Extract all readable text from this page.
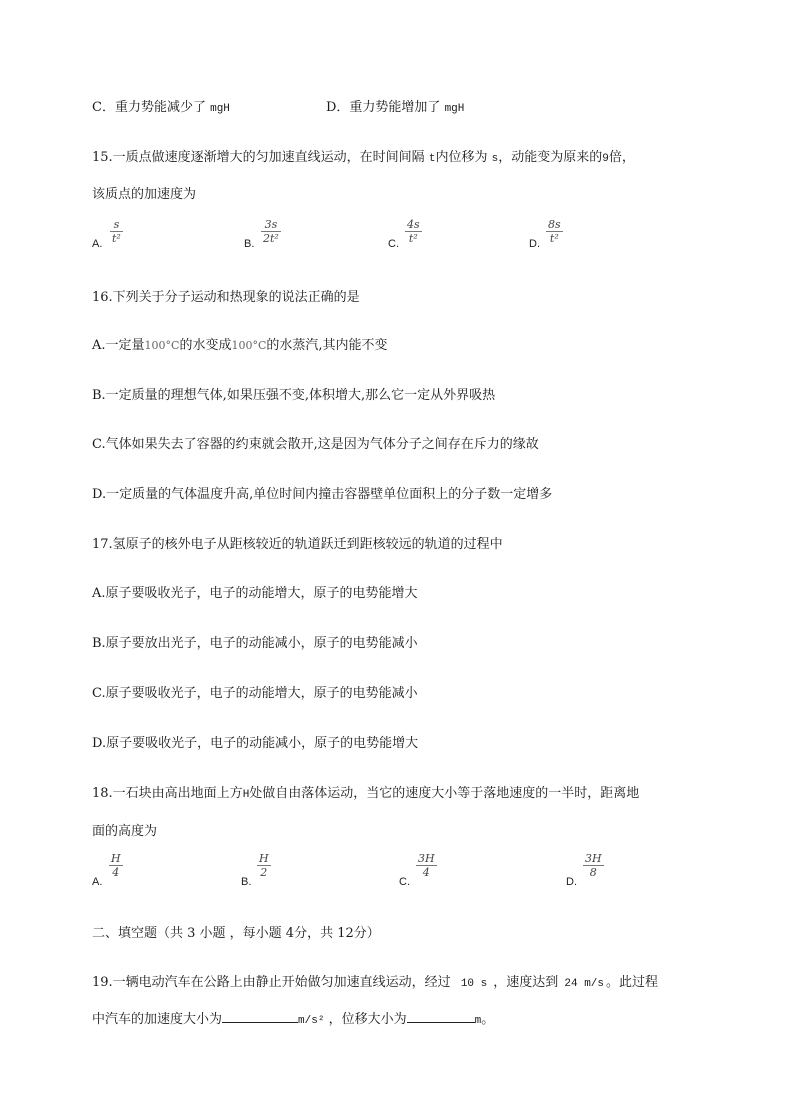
C．重力势能减少了 mgH	D．重力势能增加了 mgH
15.一质点做速度逐渐增大的匀加速直线运动，在时间间隔 t内位移为 s，动能变为原来的9倍，
该质点的加速度为
A. $\frac{s}{\text{t²}}$	B. $\frac{3s}{\text{2t²}}$	C. $\frac{4s}{\text{t²}}$	D. $\frac{8s}{\text{t²}}$
16.下列关于分子运动和热现象的说法正确的是
A.一定量100°C的水变成100°C的水蒸汽,其内能不变
B.一定质量的理想气体,如果压强不变,体积增大,那么它一定从外界吸热
C.气体如果失去了容器的约束就会散开,这是因为气体分子之间存在斥力的缘故
D.一定质量的气体温度升高,单位时间内撞击容器壁单位面积上的分子数一定增多
17.氢原子的核外电子从距核较近的轨道跃迁到距核较远的轨道的过程中
A.原子要吸收光子，电子的动能增大，原子的电势能增大
B.原子要放出光子，电子的动能减小，原子的电势能减小
C.原子要吸收光子，电子的动能增大，原子的电势能减小
D.原子要吸收光子，电子的动能减小，原子的电势能增大
18.一石块由高出地面上方H处做自由落体运动，当它的速度大小等于落地速度的一半时，距离地
面的高度为
A.
$\frac{H}{4}$
B.
$\frac{H}{2}$
C.
$\frac{3H}{4}$
D.
$\frac{3H}{8}$
二、填空题（共 3 小题 ，每小题 4分，共 12分）
19.一辆电动汽车在公路上由静止开始做匀加速直线运动，经过 10 s ，速度达到 24 m/s 。此过程
中汽车的加速度大小为	m/s² ，位移大小为	m。
